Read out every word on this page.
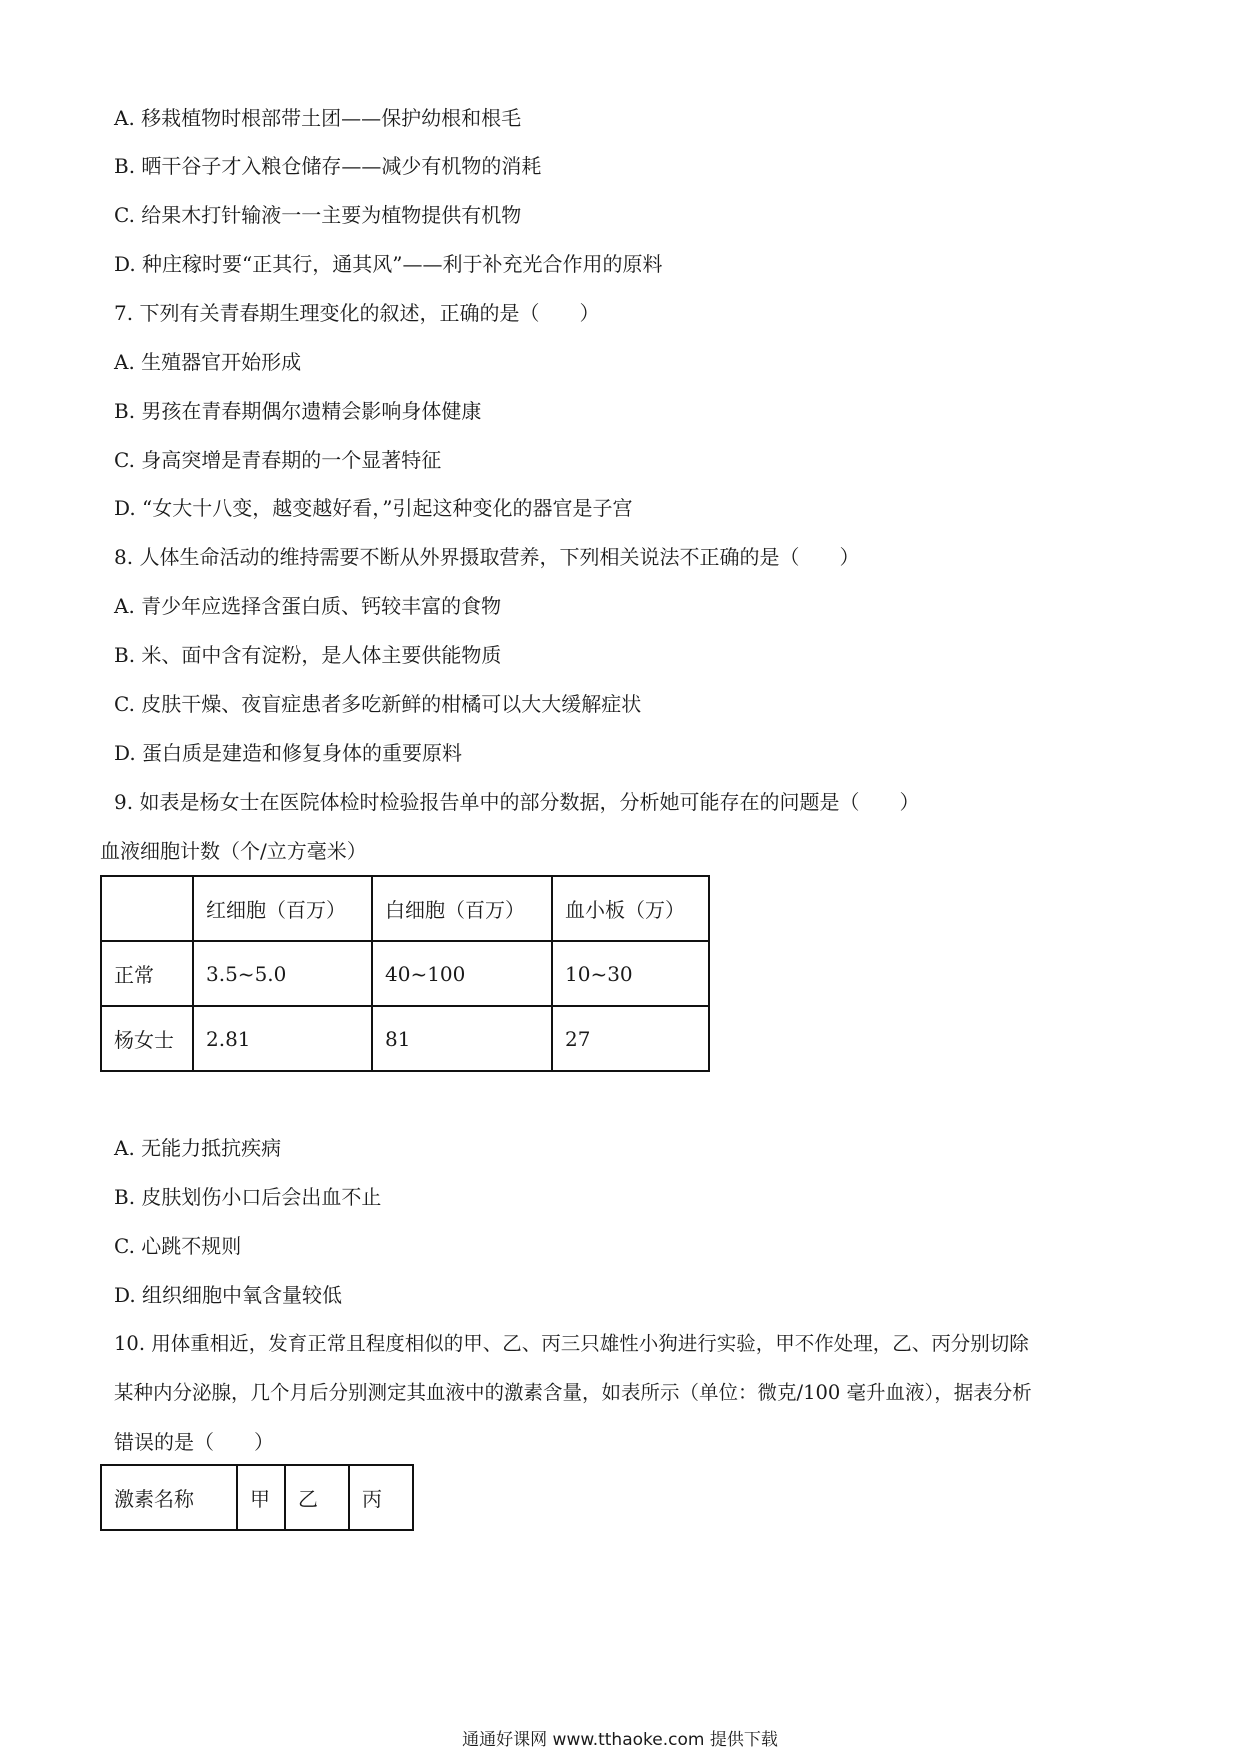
A. 移栽植物时根部带土团——保护幼根和根毛
B. 晒干谷子才入粮仓储存——减少有机物的消耗
C. 给果木打针输液一一主要为植物提供有机物
D. 种庄稼时要“正其行，通其风”——利于补充光合作用的原料
7. 下列有关青春期生理变化的叙述，正确的是（　　）
A. 生殖器官开始形成
B. 男孩在青春期偶尔遗精会影响身体健康
C. 身高突增是青春期的一个显著特征
D. “女大十八变，越变越好看，”引起这种变化的器官是子宫
8. 人体生命活动的维持需要不断从外界摄取营养，下列相关说法不正确的是（　　）
A. 青少年应选择含蛋白质、钙较丰富的食物
B. 米、面中含有淀粉，是人体主要供能物质
C. 皮肤干燥、夜盲症患者多吃新鲜的柑橘可以大大缓解症状
D. 蛋白质是建造和修复身体的重要原料
9. 如表是杨女士在医院体检时检验报告单中的部分数据，分析她可能存在的问题是（　　）
血液细胞计数（个/立方毫米）
	红细胞（百万）	白细胞（百万）	血小板（万）
正常	3.5~5.0	40~100	10~30
杨女士	2.81	81	27
A. 无能力抵抗疾病
B. 皮肤划伤小口后会出血不止
C. 心跳不规则
D. 组织细胞中氧含量较低
10. 用体重相近，发育正常且程度相似的甲、乙、丙三只雄性小狗进行实验，甲不作处理，乙、丙分别切除
某种内分泌腺，几个月后分别测定其血液中的激素含量，如表所示（单位：微克/100 毫升血液），据表分析
错误的是（　　）
激素名称	甲	乙	丙
通通好课网 www.tthaoke.com 提供下载
